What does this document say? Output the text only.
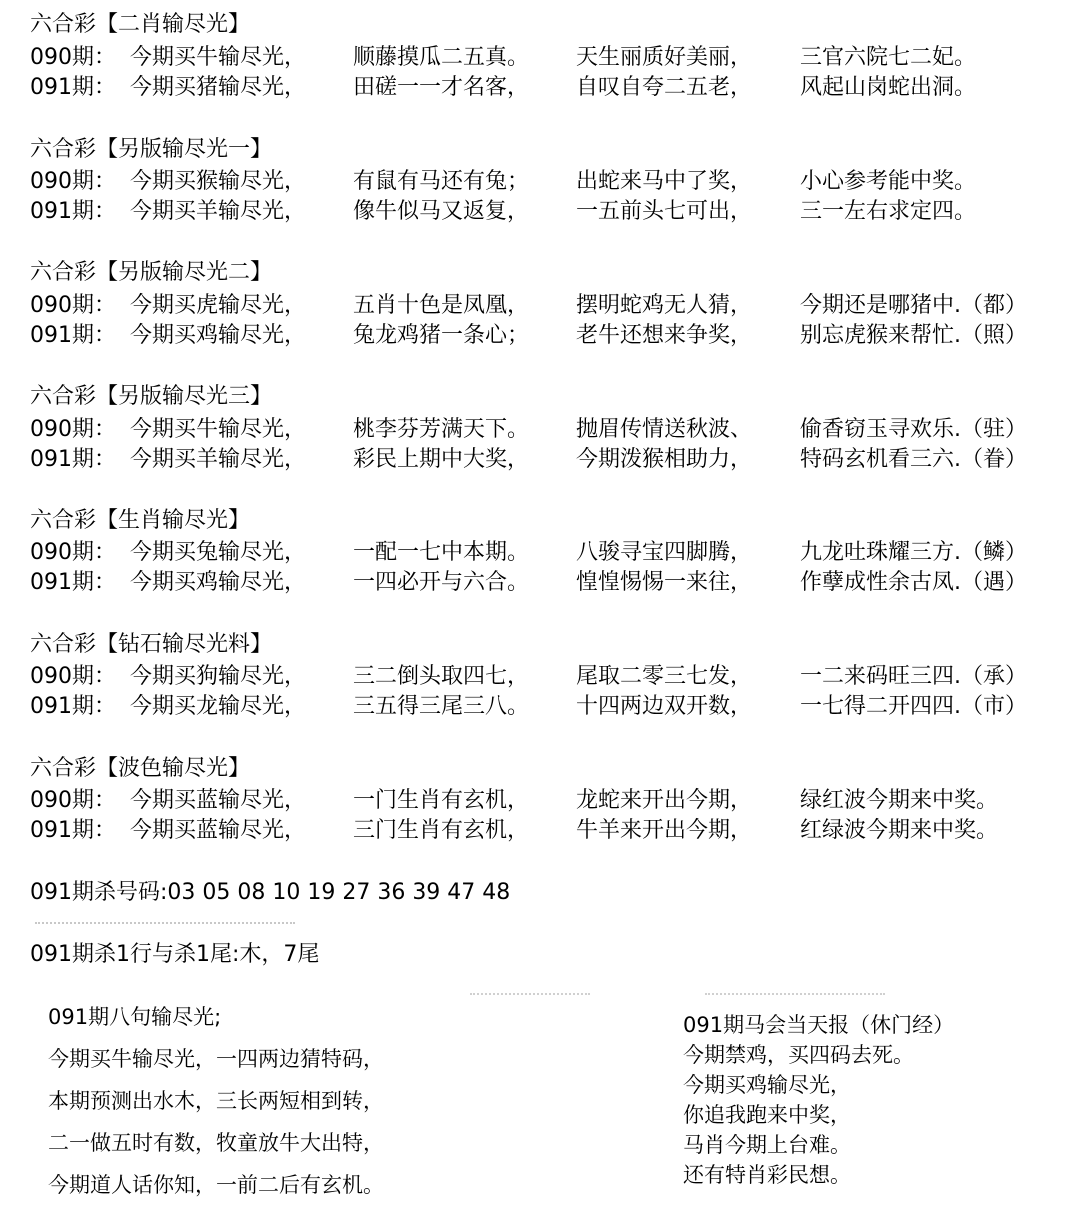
六合彩【二肖输尽光】
090期： 今期买牛输尽光， 顺藤摸瓜二五真。 天生丽质好美丽， 三官六院七二妃。
091期： 今期买猪输尽光， 田磋一一才名客， 自叹自夸二五老， 风起山岗蛇出洞。
六合彩【另版输尽光一】
090期： 今期买猴输尽光， 有鼠有马还有兔； 出蛇来马中了奖， 小心参考能中奖。
091期： 今期买羊输尽光， 像牛似马又返复， 一五前头七可出， 三一左右求定四。
六合彩【另版输尽光二】
090期： 今期买虎输尽光， 五肖十色是凤凰， 摆明蛇鸡无人猜， 今期还是哪猪中.（都）
091期： 今期买鸡输尽光， 兔龙鸡猪一条心； 老牛还想来争奖， 别忘虎猴来帮忙.（照）
六合彩【另版输尽光三】
090期： 今期买牛输尽光， 桃李芬芳满天下。 抛眉传情送秋波、 偷香窃玉寻欢乐.（驻）
091期： 今期买羊输尽光， 彩民上期中大奖， 今期泼猴相助力， 特码玄机看三六.（眷）
六合彩【生肖输尽光】
090期： 今期买兔输尽光， 一配一七中本期。 八骏寻宝四脚腾， 九龙吐珠耀三方.（鳞）
091期： 今期买鸡输尽光， 一四必开与六合。 惶惶惕惕一来往， 作孽成性余古凤.（遇）
六合彩【钻石输尽光料】
090期： 今期买狗输尽光， 三二倒头取四七， 尾取二零三七发， 一二来码旺三四.（承）
091期： 今期买龙输尽光， 三五得三尾三八。 十四两边双开数， 一七得二开四四.（市）
六合彩【波色输尽光】
090期： 今期买蓝输尽光， 一门生肖有玄机， 龙蛇来开出今期， 绿红波今期来中奖。
091期： 今期买蓝输尽光， 三门生肖有玄机， 牛羊来开出今期， 红绿波今期来中奖。
091期杀号码:03 05 08 10 19 27 36 39 47 48
091期杀1行与杀1尾:木，7尾
091期八句输尽光;
今期买牛输尽光，一四两边猜特码，
本期预测出水木，三长两短相到转，
二一做五时有数，牧童放牛大出特，
今期道人话你知，一前二后有玄机。
091期马会当天报（休门经）
今期禁鸡，买四码去死。
今期买鸡输尽光，
你追我跑来中奖，
马肖今期上台难。
还有特肖彩民想。
